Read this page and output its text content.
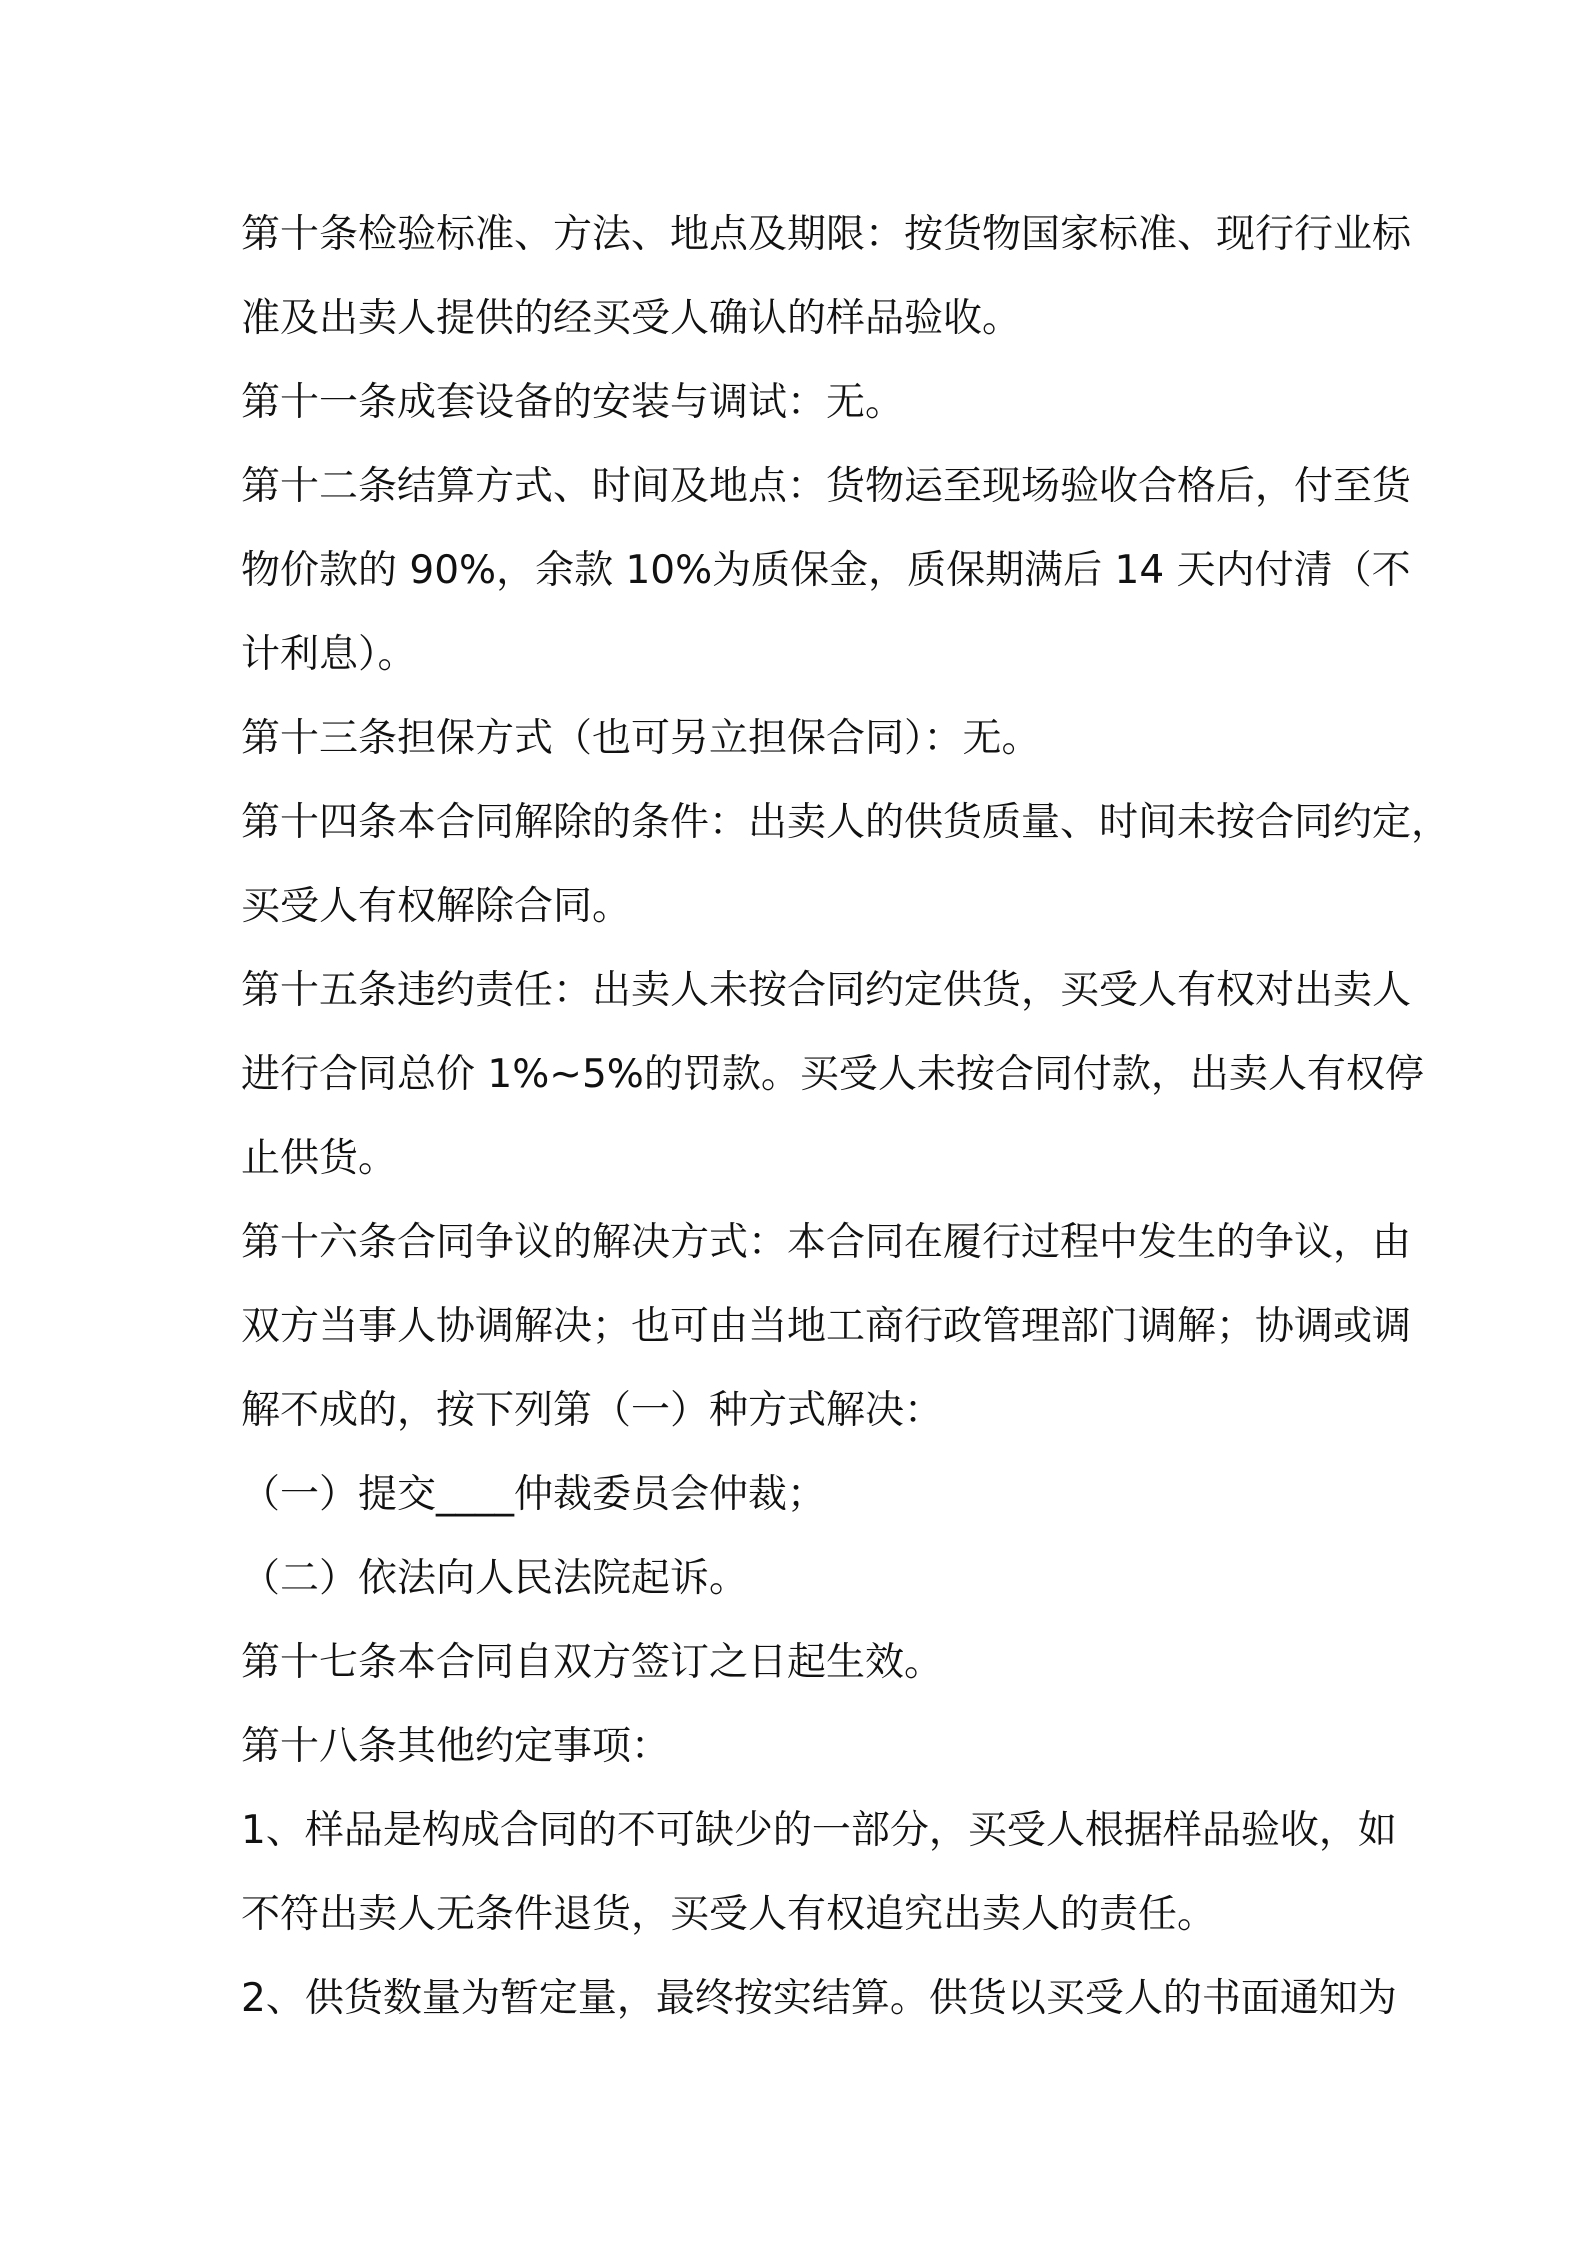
第十条检验标准、方法、地点及期限：按货物国家标准、现行行业标
准及出卖人提供的经买受人确认的样品验收。
第十一条成套设备的安装与调试：无。
第十二条结算方式、时间及地点：货物运至现场验收合格后，付至货
物价款的 90%，余款 10%为质保金，质保期满后 14 天内付清（不
计利息）。
第十三条担保方式（也可另立担保合同）：无。
第十四条本合同解除的条件：出卖人的供货质量、时间未按合同约定，
买受人有权解除合同。
第十五条违约责任：出卖人未按合同约定供货，买受人有权对出卖人
进行合同总价 1%~5%的罚款。买受人未按合同付款，出卖人有权停
止供货。
第十六条合同争议的解决方式：本合同在履行过程中发生的争议，由
双方当事人协调解决；也可由当地工商行政管理部门调解；协调或调
解不成的，按下列第（一）种方式解决：
（一）提交____仲裁委员会仲裁；
（二）依法向人民法院起诉。
第十七条本合同自双方签订之日起生效。
第十八条其他约定事项：
1、样品是构成合同的不可缺少的一部分，买受人根据样品验收，如
不符出卖人无条件退货，买受人有权追究出卖人的责任。
2、供货数量为暂定量，最终按实结算。供货以买受人的书面通知为
